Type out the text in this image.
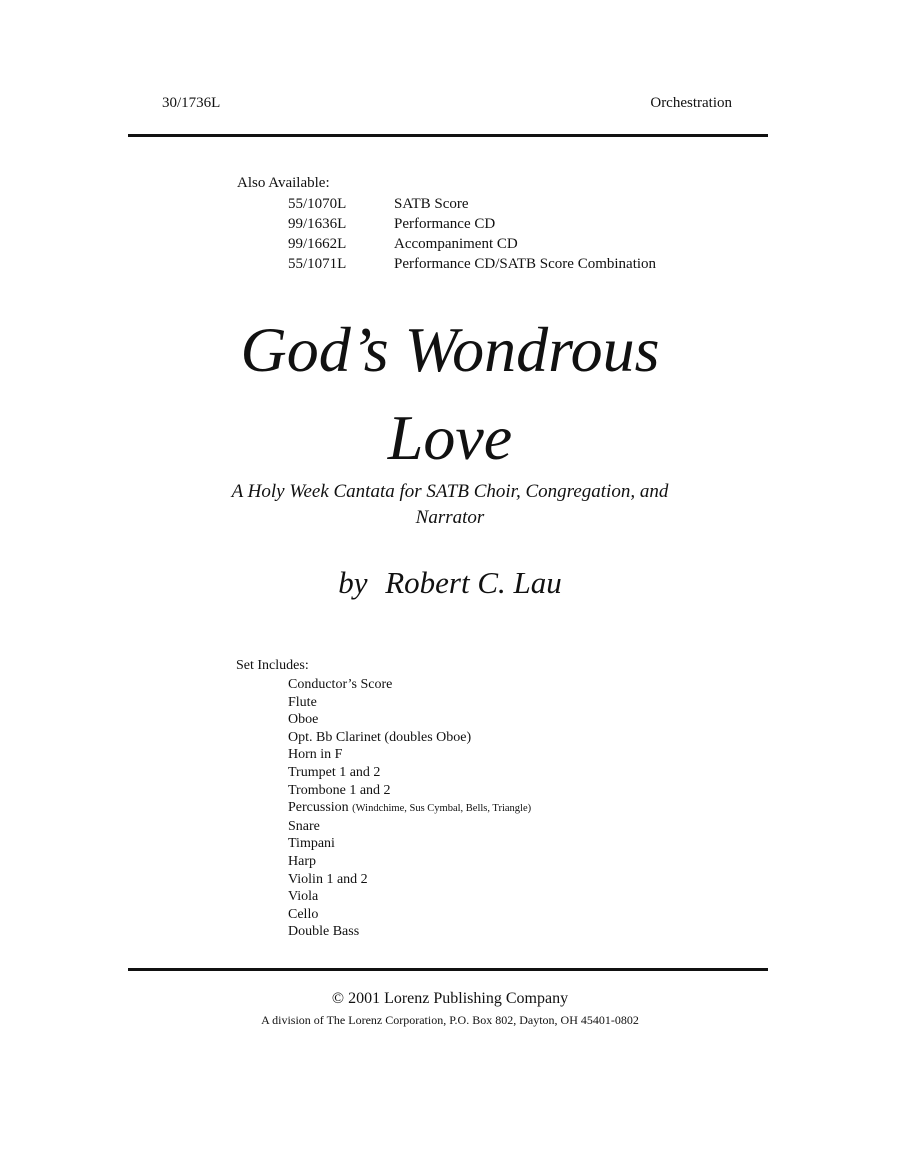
30/1736L	Orchestration
Also Available:
55/1070L	SATB Score
99/1636L	Performance CD
99/1662L	Accompaniment CD
55/1071L	Performance CD/SATB Score Combination
God’s Wondrous
Love
A Holy Week Cantata for SATB Choir, Congregation, and
Narrator
by Robert C. Lau
Set Includes:
Conductor’s Score
Flute
Oboe
Opt. Bb Clarinet (doubles Oboe)
Horn in F
Trumpet 1 and 2
Trombone 1 and 2
Percussion (Windchime, Sus Cymbal, Bells, Triangle)
Snare
Timpani
Harp
Violin 1 and 2
Viola
Cello
Double Bass
© 2001 Lorenz Publishing Company
A division of The Lorenz Corporation, P.O. Box 802, Dayton, OH 45401-0802
